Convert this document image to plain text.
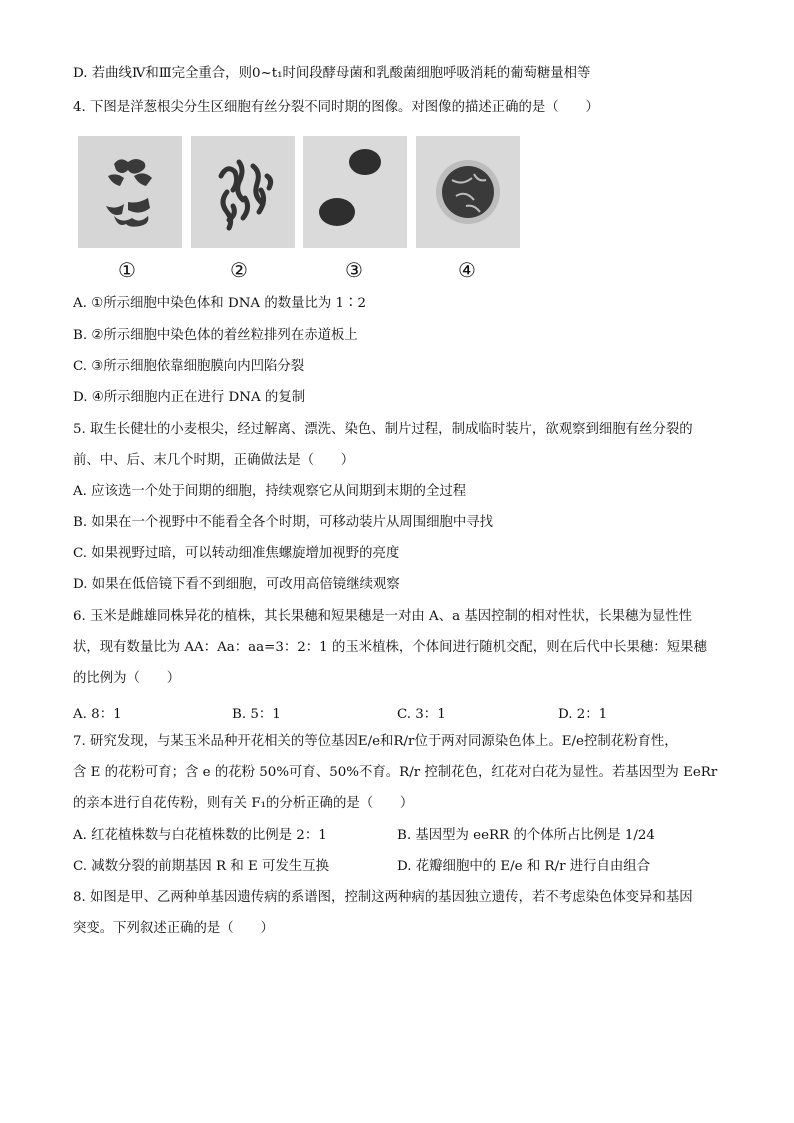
D. 若曲线Ⅳ和Ⅲ完全重合，则0~t₁时间段酵母菌和乳酸菌细胞呼吸消耗的葡萄糖量相等
4. 下图是洋葱根尖分生区细胞有丝分裂不同时期的图像。对图像的描述正确的是（　　）
①	②	③	④
A. ①所示细胞中染色体和 DNA 的数量比为 1∶2
B. ②所示细胞中染色体的着丝粒排列在赤道板上
C. ③所示细胞依靠细胞膜向内凹陷分裂
D. ④所示细胞内正在进行 DNA 的复制
5. 取生长健壮的小麦根尖，经过解离、漂洗、染色、制片过程，制成临时装片，欲观察到细胞有丝分裂的
前、中、后、末几个时期，正确做法是（　　）
A. 应该选一个处于间期的细胞，持续观察它从间期到末期的全过程
B. 如果在一个视野中不能看全各个时期，可移动装片从周围细胞中寻找
C. 如果视野过暗，可以转动细准焦螺旋增加视野的亮度
D. 如果在低倍镜下看不到细胞，可改用高倍镜继续观察
6. 玉米是雌雄同株异花的植株，其长果穗和短果穗是一对由 A、a 基因控制的相对性状，长果穗为显性性
状，现有数量比为 AA：Aa：aa=3：2：1 的玉米植株，个体间进行随机交配，则在后代中长果穗：短果穗
的比例为（　　）
A. 8：1	B. 5：1	C. 3：1	D. 2：1
7. 研究发现，与某玉米品种开花相关的等位基因E/e和R/r位于两对同源染色体上。E/e控制花粉育性，
含 E 的花粉可育；含 e 的花粉 50%可育、50%不育。R/r 控制花色，红花对白花为显性。若基因型为 EeRr
的亲本进行自花传粉，则有关 F₁的分析正确的是（　　）
A. 红花植株数与白花植株数的比例是 2：1	B. 基因型为 eeRR 的个体所占比例是 1/24
C. 减数分裂的前期基因 R 和 E 可发生互换	D. 花瓣细胞中的 E/e 和 R/r 进行自由组合
8. 如图是甲、乙两种单基因遗传病的系谱图，控制这两种病的基因独立遗传，若不考虑染色体变异和基因
突变。下列叙述正确的是（　　）
